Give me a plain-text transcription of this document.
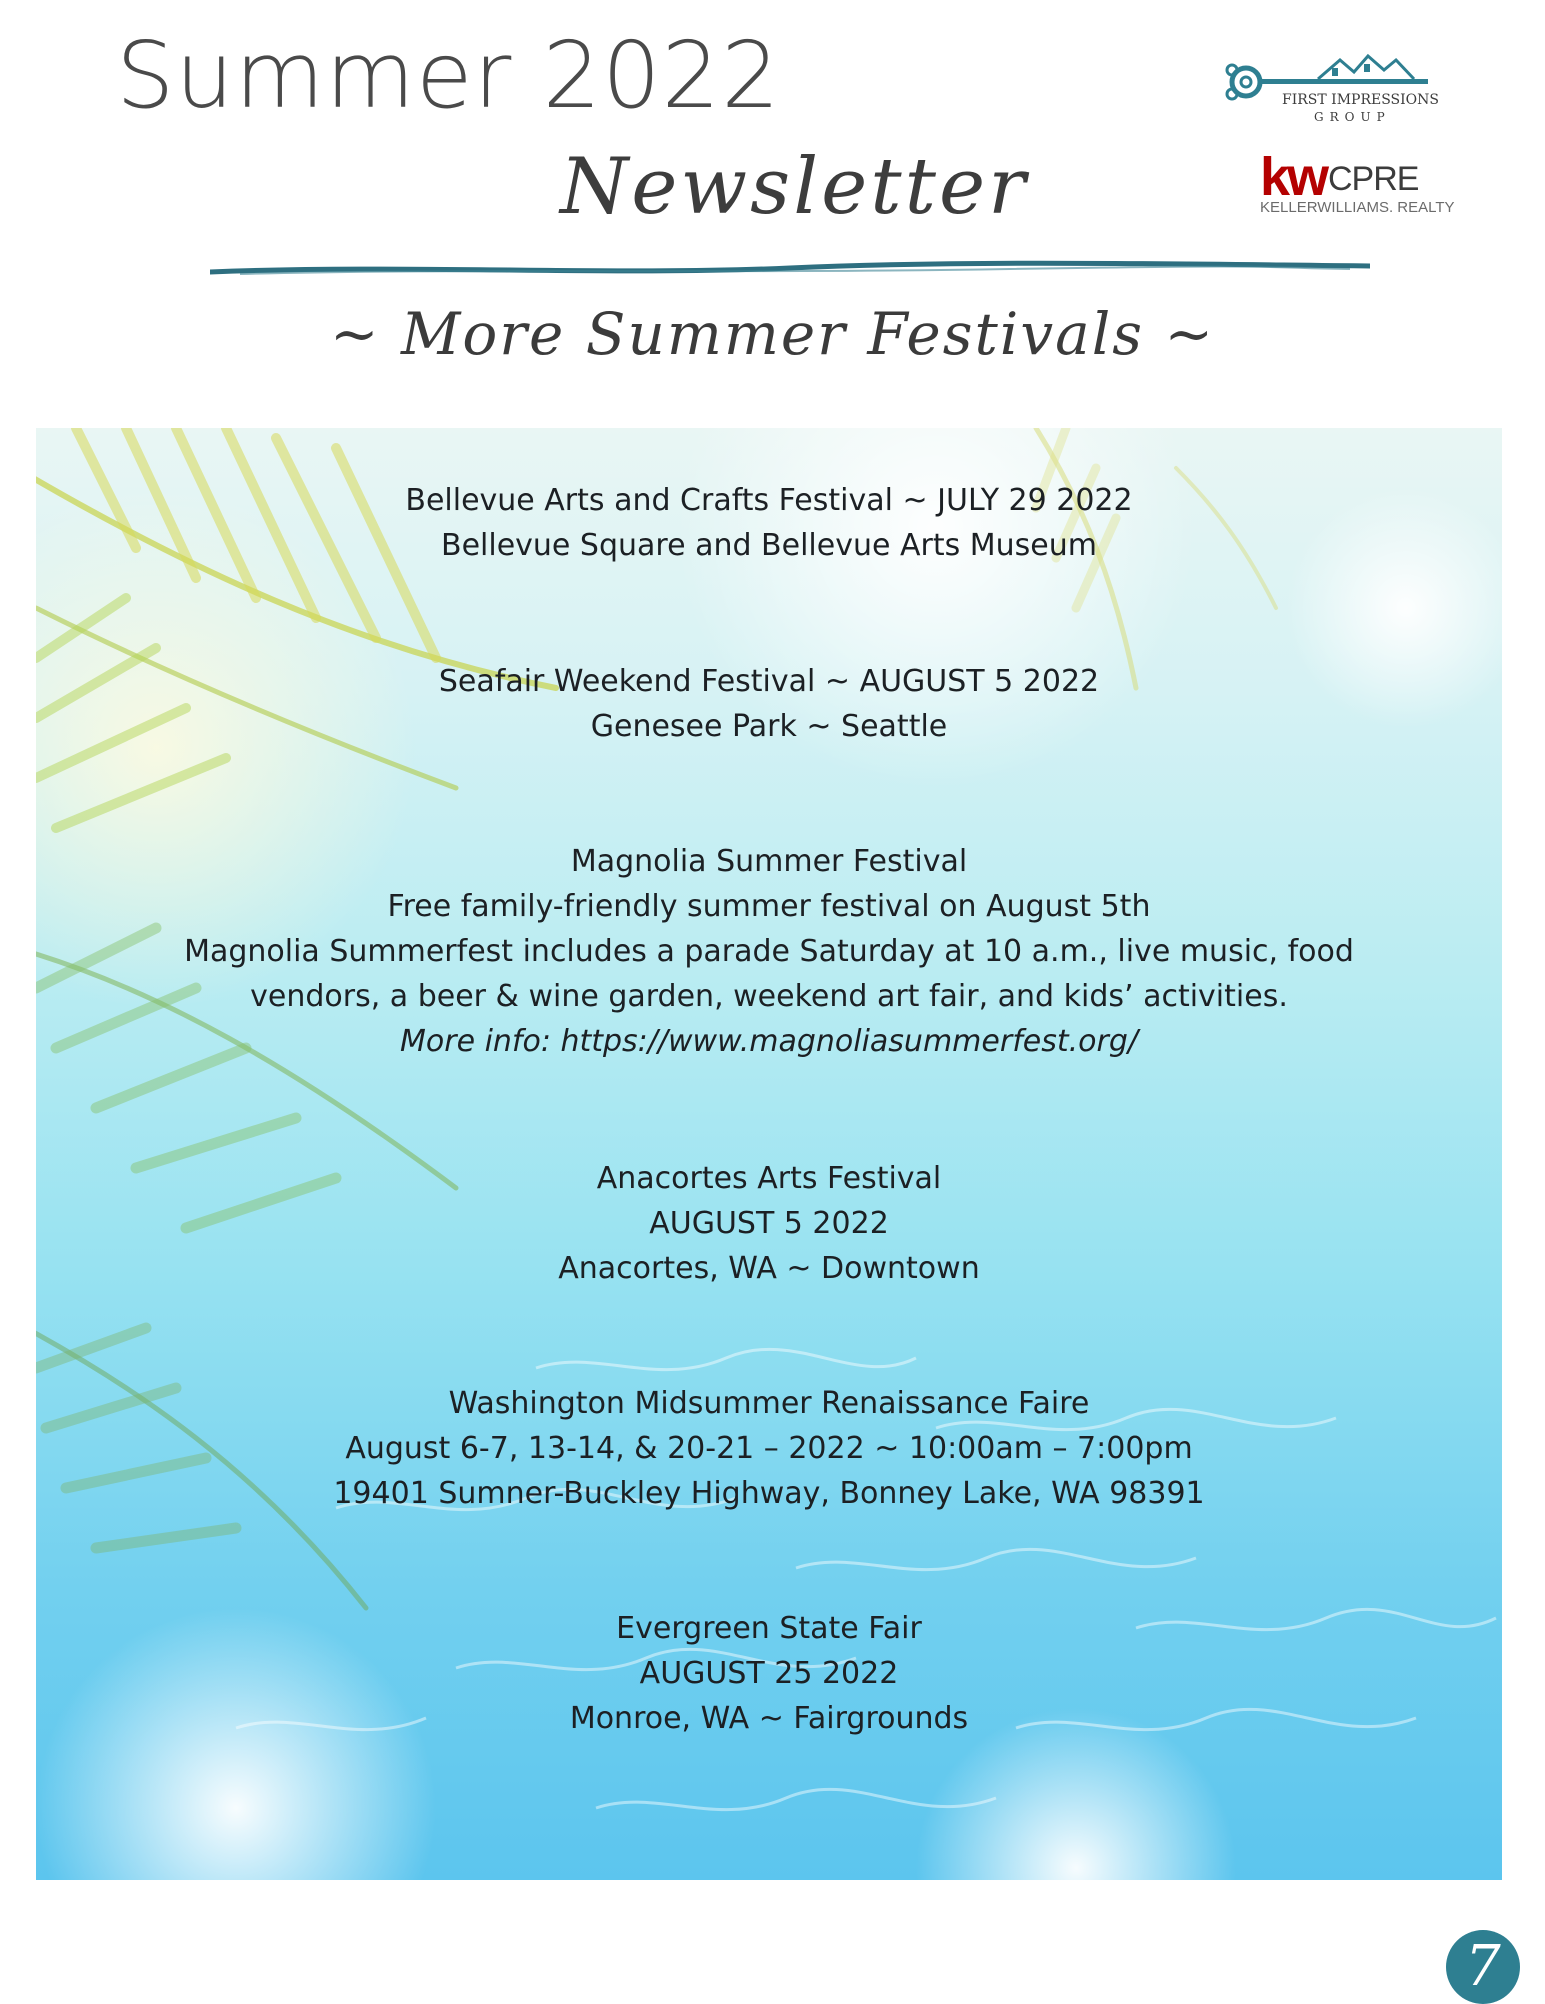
Summer 2022
Newsletter
~ More Summer Festivals ~
FIRST IMPRESSIONS
GROUP
kw CPRE
KELLERWILLIAMS. REALTY
Bellevue Arts and Crafts Festival ~ JULY 29 2022
Bellevue Square and Bellevue Arts Museum
Seafair Weekend Festival ~ AUGUST 5 2022
Genesee Park ~ Seattle
Magnolia Summer Festival
Free family-friendly summer festival on August 5th
Magnolia Summerfest includes a parade Saturday at 10 a.m., live music, food
vendors, a beer & wine garden, weekend art fair, and kids’ activities.
More info: https://www.magnoliasummerfest.org/
Anacortes Arts Festival
AUGUST 5 2022
Anacortes, WA ~ Downtown
Washington Midsummer Renaissance Faire
August 6-7, 13-14, & 20-21 – 2022 ~ 10:00am – 7:00pm
19401 Sumner-Buckley Highway, Bonney Lake, WA 98391
Evergreen State Fair
AUGUST 25 2022
Monroe, WA ~ Fairgrounds
7
